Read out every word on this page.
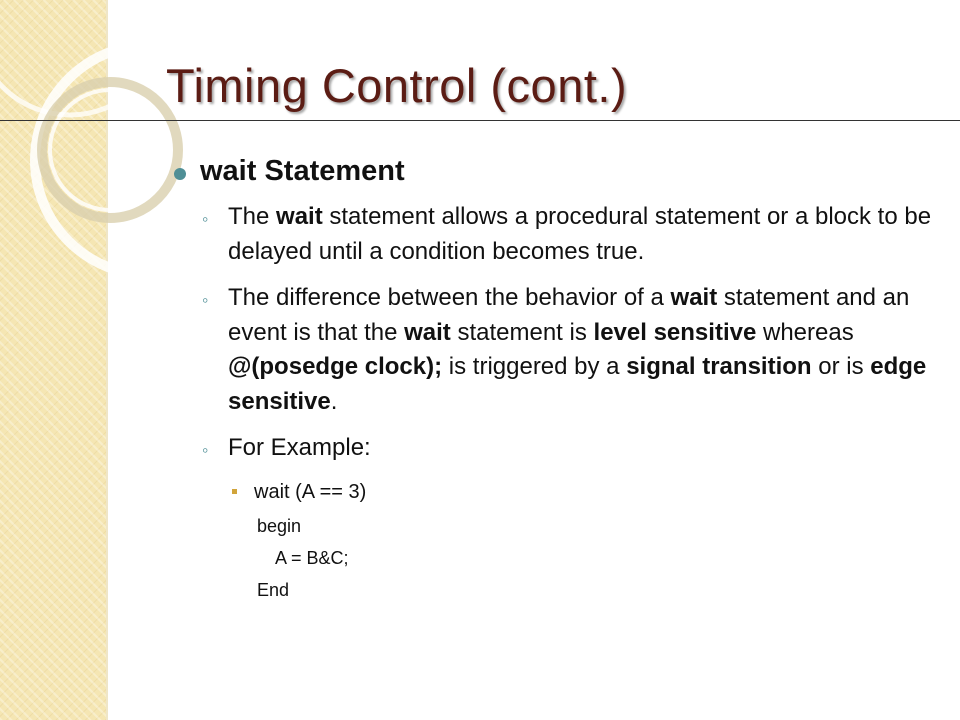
Timing Control (cont.)
wait Statement
◦ The wait statement allows a procedural statement or a block to be delayed until a condition becomes true.
◦ The difference between the behavior of a wait statement and an event is that the wait statement is level sensitive whereas @(posedge clock); is triggered by a signal transition or is edge sensitive.
◦ For Example:
wait (A == 3)
begin
A = B&C;
End
